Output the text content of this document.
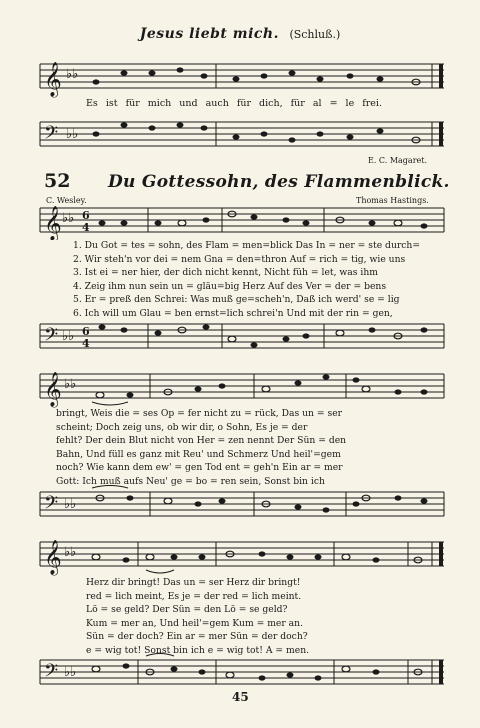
Jesus liebt mich. (Schluß.)
𝄞 ♭♭
Es ist für mich und auch für dich, für al = le frei.
𝄢 ♭♭
E. C. Magaret.
52 Du Gottessohn, des Flammenblick.
C. Wesley.	Thomas Hastings.
𝄞 ♭♭ 6
4
1. Du Got = tes = sohn, des Flam = men=blick Das In = ner = ste durch=
2. Wir steh'n vor dei = nem Gna = den=thron Auf = rich = tig, wie uns
3. Ist ei = ner hier, der dich nicht kennt, Nicht füh = let, was ihm
4. Zeig ihm nun sein un = gläu=big Herz Auf des Ver = der = bens
5. Er = preß den Schrei: Was muß ge=scheh'n, Daß ich werd' se = lig
6. Ich will um Glau = ben ernst=lich schrei'n Und mit der rin = gen,
𝄢 ♭♭ 6
4
𝄞 ♭♭
bringt, Weis die = ses Op = fer nicht zu = rück, Das un = ser
scheint; Doch zeig uns, ob wir dir, o Sohn, Es je = der
fehlt? Der dein Blut nicht von Her = zen nennt Der Sün = den
Bahn, Und füll es ganz mit Reu' und Schmerz Und heil'=gem
noch? Wie kann dem ew' = gen Tod ent = geh'n Ein ar = mer
Gott: Ich muß aufs Neu' ge = bo = ren sein, Sonst bin ich
𝄢 ♭♭
𝄞 ♭♭
Herz dir bringt! Das un = ser Herz dir bringt!
red = lich meint, Es je = der red = lich meint.
Lö = se geld? Der Sün = den Lö = se geld?
Kum = mer an, Und heil'=gem Kum = mer an.
Sün = der doch? Ein ar = mer Sün = der doch?
e = wig tot! Sonst bin ich e = wig tot! A = men.
𝄢 ♭♭
45
